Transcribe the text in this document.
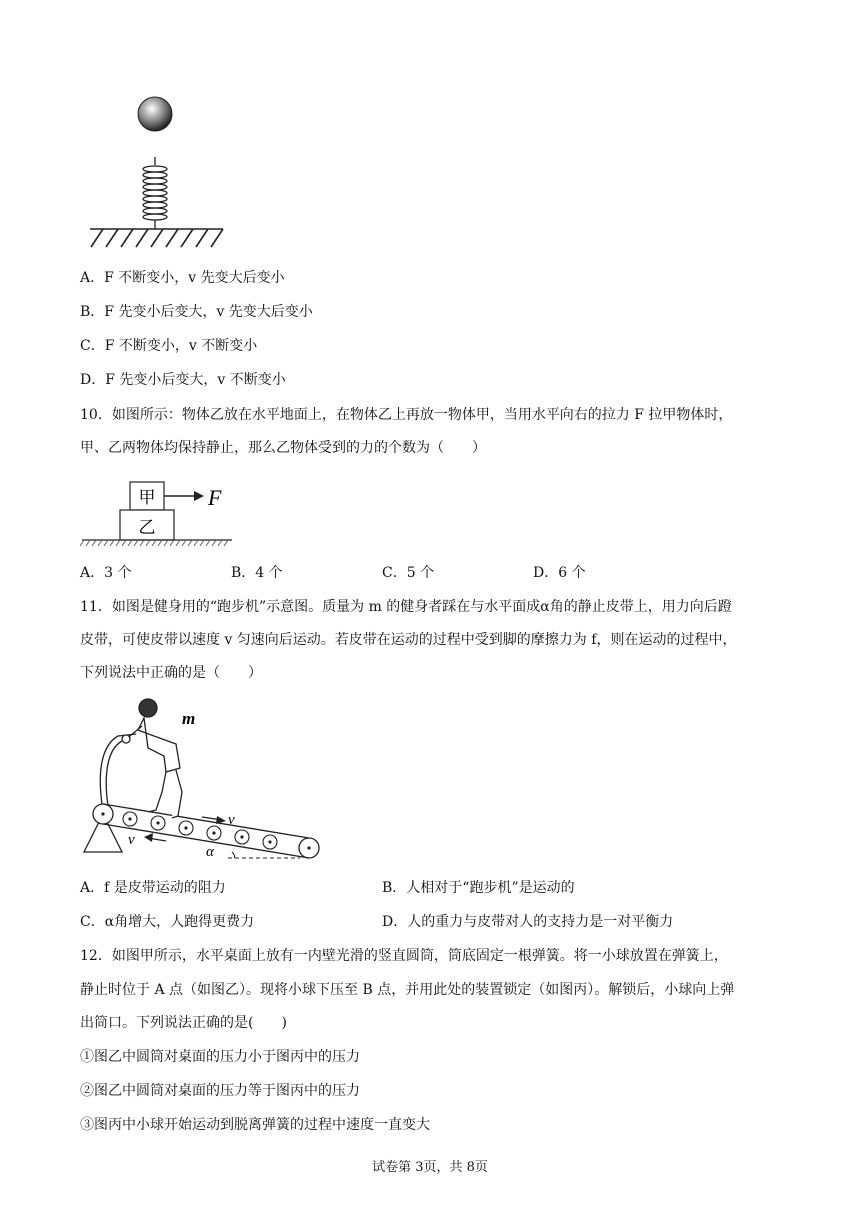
A．F 不断变小，v 先变大后变小
B．F 先变小后变大，v 先变大后变小
C．F 不断变小，v 不断变小
D．F 先变小后变大，v 不断变小
10．如图所示：物体乙放在水平地面上，在物体乙上再放一物体甲，当用水平向右的拉力 F 拉甲物体时，
甲、乙两物体均保持静止，那么乙物体受到的力的个数为（　　）
甲
乙
F
A．3 个	B．4 个	C．5 个	D．6 个
11．如图是健身用的“跑步机”示意图。质量为 m 的健身者踩在与水平面成α角的静止皮带上，用力向后蹬
皮带，可使皮带以速度 v 匀速向后运动。若皮带在运动的过程中受到脚的摩擦力为 f，则在运动的过程中，
下列说法中正确的是（　　）
m
v
v
α
A．f 是皮带运动的阻力	B．人相对于“跑步机”是运动的
C．α角增大，人跑得更费力	D．人的重力与皮带对人的支持力是一对平衡力
12．如图甲所示，水平桌面上放有一内壁光滑的竖直圆筒，筒底固定一根弹簧。将一小球放置在弹簧上，
静止时位于 A 点（如图乙）。现将小球下压至 B 点，并用此处的装置锁定（如图丙）。解锁后，小球向上弹
出筒口。下列说法正确的是(　　)
①图乙中圆筒对桌面的压力小于图丙中的压力
②图乙中圆筒对桌面的压力等于图丙中的压力
③图丙中小球开始运动到脱离弹簧的过程中速度一直变大
试卷第 3页，共 8页
